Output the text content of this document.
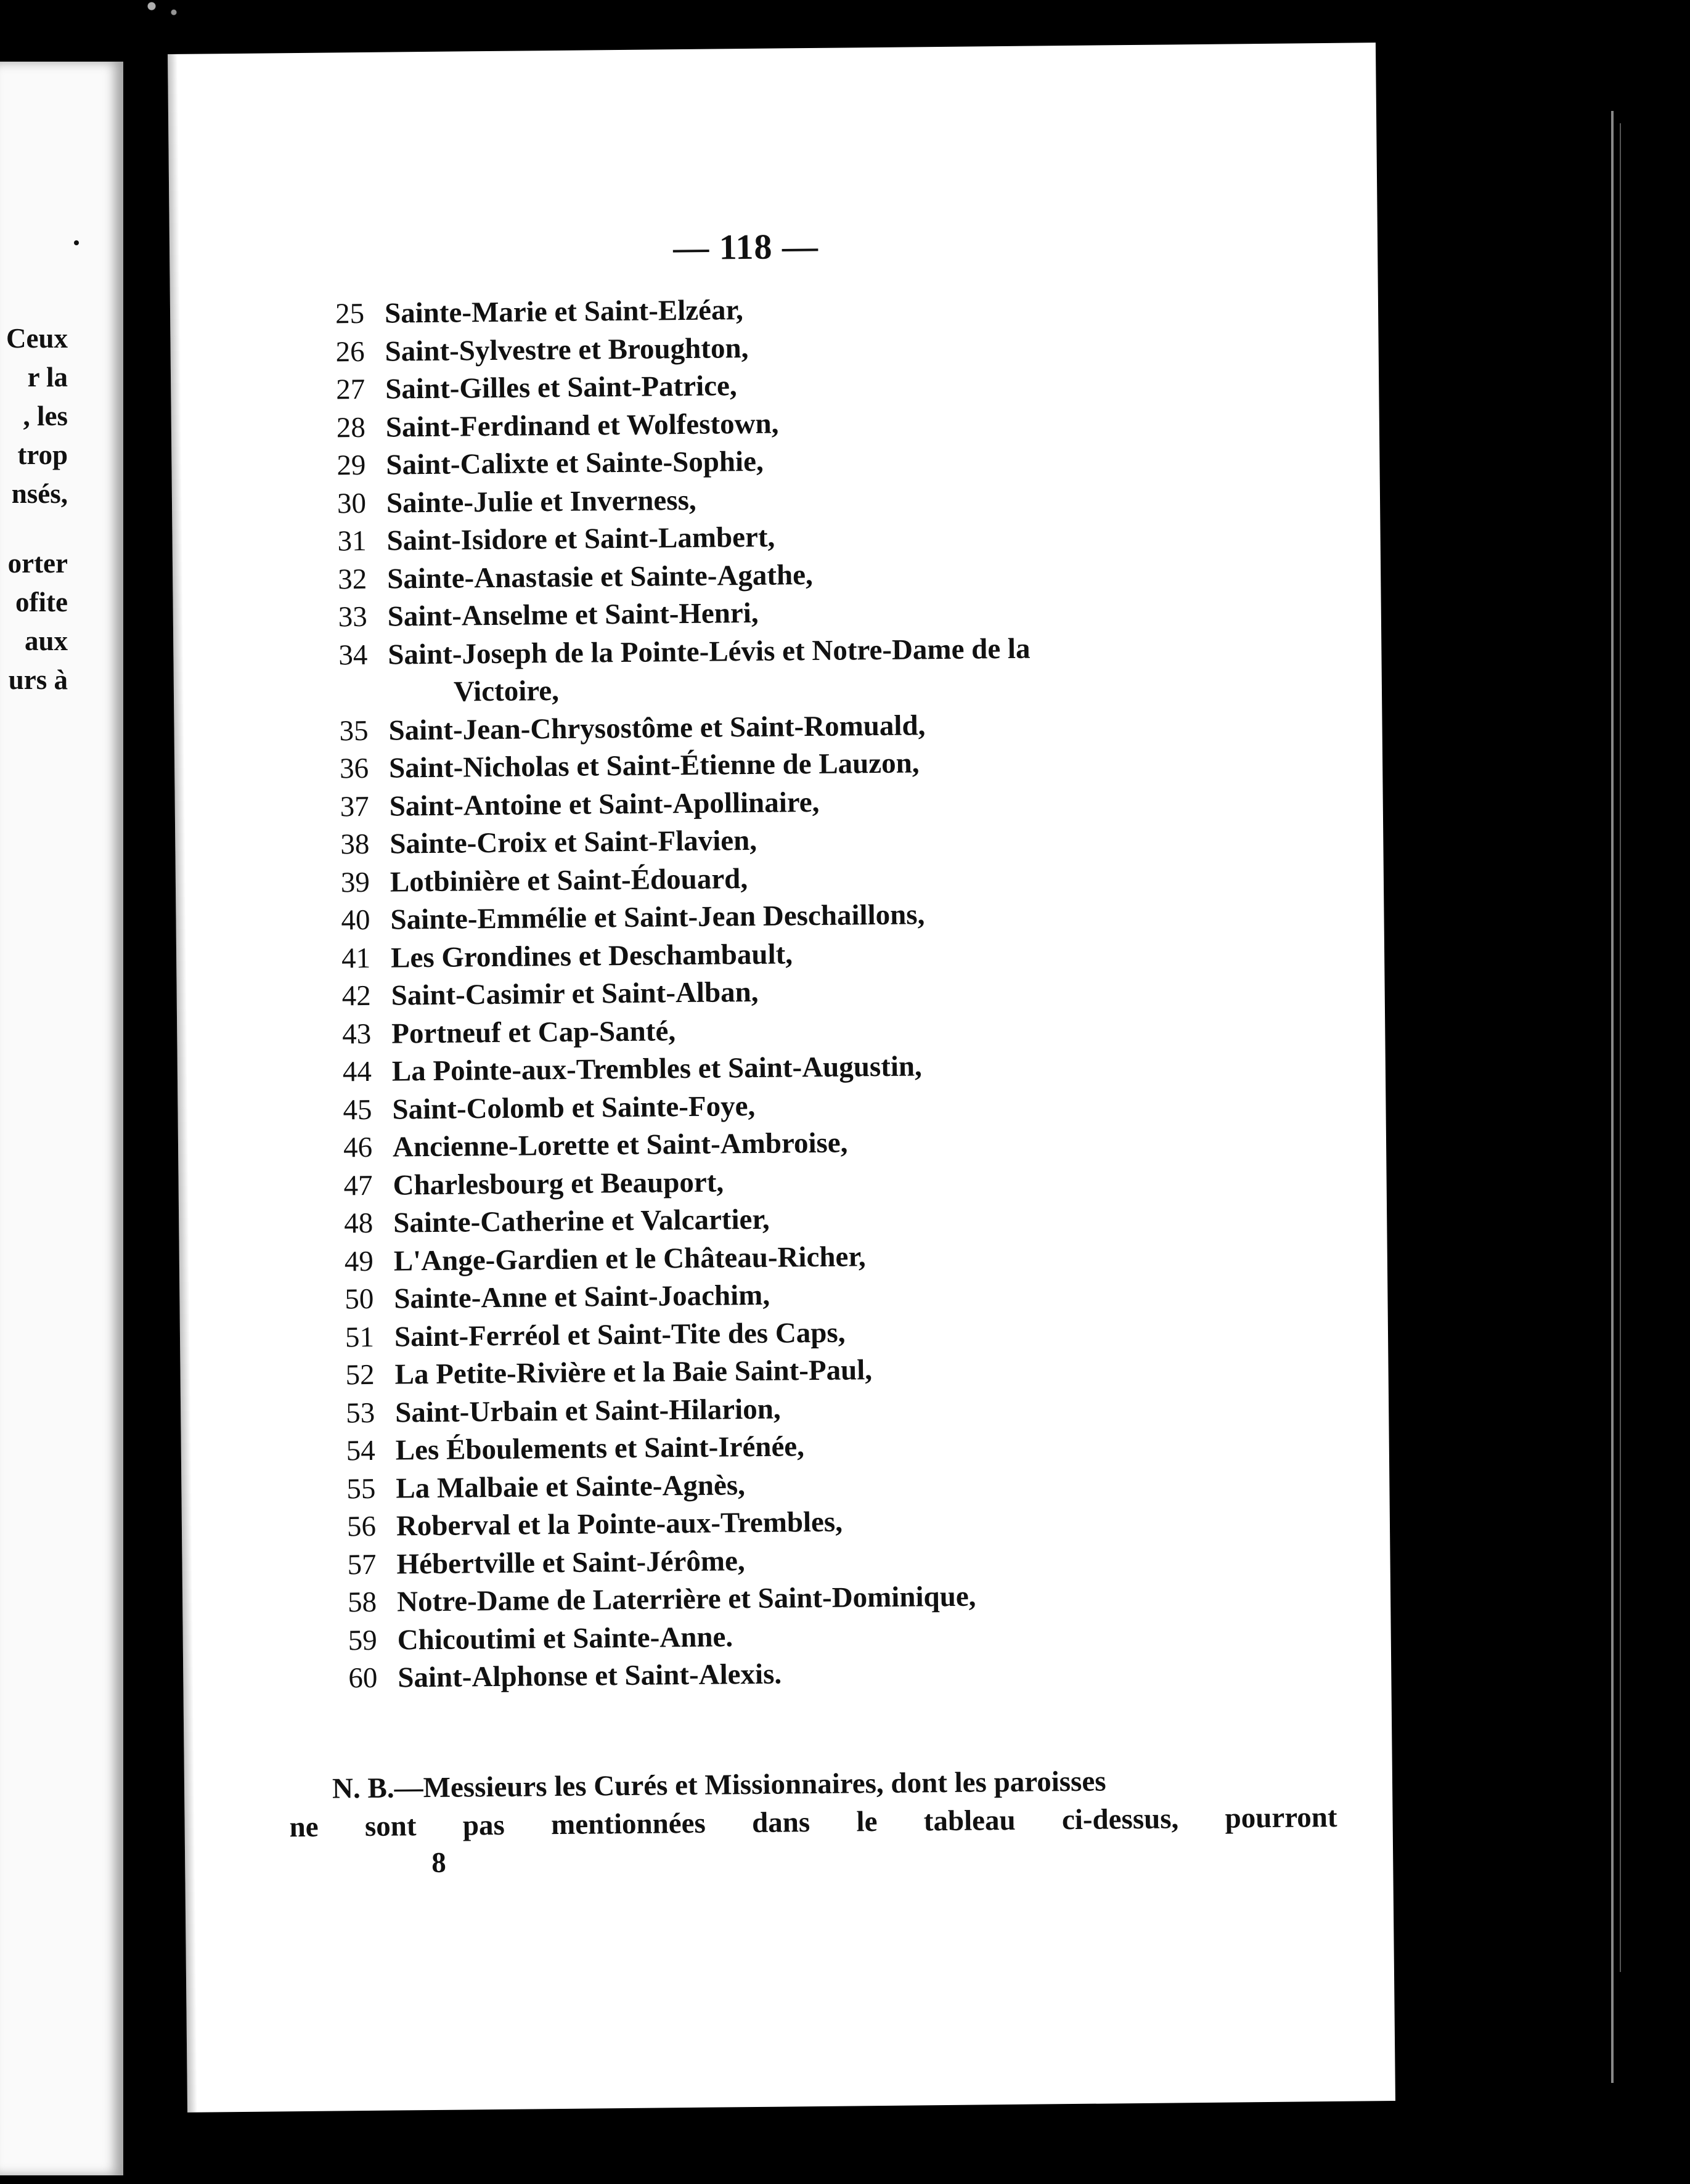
Ceux
r la
, les
trop
nsés,
orter
ofite
aux
urs à
— 118 —
25 Sainte-Marie et Saint-Elzéar,
26 Saint-Sylvestre et Broughton,
27 Saint-Gilles et Saint-Patrice,
28 Saint-Ferdinand et Wolfestown,
29 Saint-Calixte et Sainte-Sophie,
30 Sainte-Julie et Inverness,
31 Saint-Isidore et Saint-Lambert,
32 Sainte-Anastasie et Sainte-Agathe,
33 Saint-Anselme et Saint-Henri,
34 Saint-Joseph de la Pointe-Lévis et Notre-Dame de la
Victoire,
35 Saint-Jean-Chrysostôme et Saint-Romuald,
36 Saint-Nicholas et Saint-Étienne de Lauzon,
37 Saint-Antoine et Saint-Apollinaire,
38 Sainte-Croix et Saint-Flavien,
39 Lotbinière et Saint-Édouard,
40 Sainte-Emmélie et Saint-Jean Deschaillons,
41 Les Grondines et Deschambault,
42 Saint-Casimir et Saint-Alban,
43 Portneuf et Cap-Santé,
44 La Pointe-aux-Trembles et Saint-Augustin,
45 Saint-Colomb et Sainte-Foye,
46 Ancienne-Lorette et Saint-Ambroise,
47 Charlesbourg et Beauport,
48 Sainte-Catherine et Valcartier,
49 L'Ange-Gardien et le Château-Richer,
50 Sainte-Anne et Saint-Joachim,
51 Saint-Ferréol et Saint-Tite des Caps,
52 La Petite-Rivière et la Baie Saint-Paul,
53 Saint-Urbain et Saint-Hilarion,
54 Les Éboulements et Saint-Irénée,
55 La Malbaie et Sainte-Agnès,
56 Roberval et la Pointe-aux-Trembles,
57 Hébertville et Saint-Jérôme,
58 Notre-Dame de Laterrière et Saint-Dominique,
59 Chicoutimi et Sainte-Anne.
60 Saint-Alphonse et Saint-Alexis.
N. B.—Messieurs les Curés et Missionnaires, dont les paroisses
ne sont pas mentionnées dans le tableau ci-dessus, pourront
8
